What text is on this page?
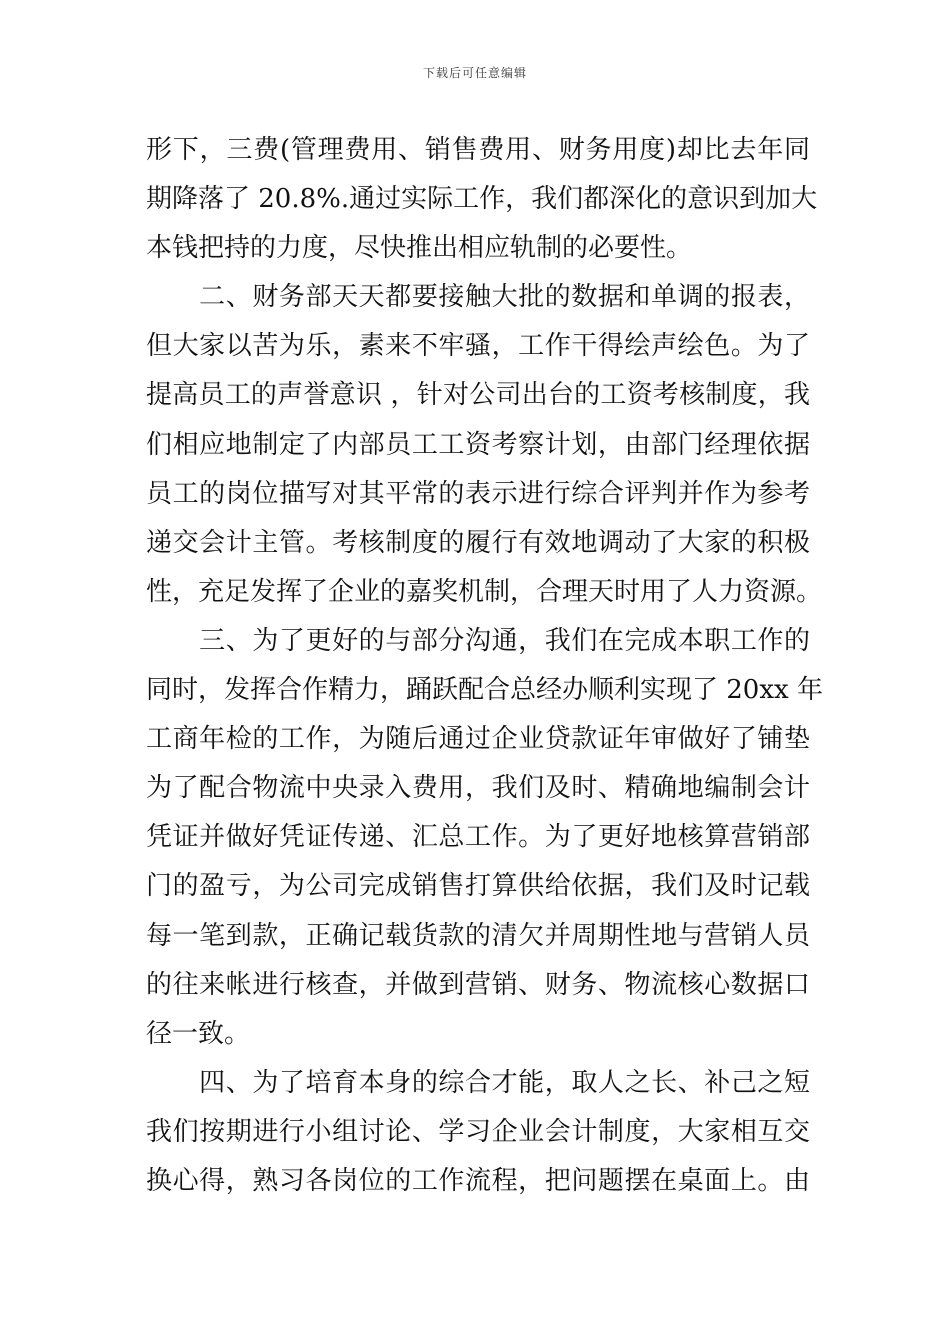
下载后可任意编辑
形下，三费(管理费用、销售费用、财务用度)却比去年同
期降落了 20.8%.通过实际工作，我们都深化的意识到加大
本钱把持的力度，尽快推出相应轨制的必要性。
　　二、财务部天天都要接触大批的数据和单调的报表，
但大家以苦为乐，素来不牢骚，工作干得绘声绘色。为了
提高员工的声誉意识 ，针对公司出台的工资考核制度，我
们相应地制定了内部员工工资考察计划，由部门经理依据
员工的岗位描写对其平常的表示进行综合评判并作为参考
递交会计主管。考核制度的履行有效地调动了大家的积极
性，充足发挥了企业的嘉奖机制，合理天时用了人力资源。
　　三、为了更好的与部分沟通，我们在完成本职工作的
同时，发挥合作精力，踊跃配合总经办顺利实现了 20xx 年
工商年检的工作，为随后通过企业贷款证年审做好了铺垫
为了配合物流中央录入费用，我们及时、精确地编制会计
凭证并做好凭证传递、汇总工作。为了更好地核算营销部
门的盈亏，为公司完成销售打算供给依据，我们及时记载
每一笔到款，正确记载货款的清欠并周期性地与营销人员
的往来帐进行核查，并做到营销、财务、物流核心数据口
径一致。
　　四、为了培育本身的综合才能，取人之长、补己之短
我们按期进行小组讨论、学习企业会计制度，大家相互交
换心得，熟习各岗位的工作流程，把问题摆在桌面上。由
